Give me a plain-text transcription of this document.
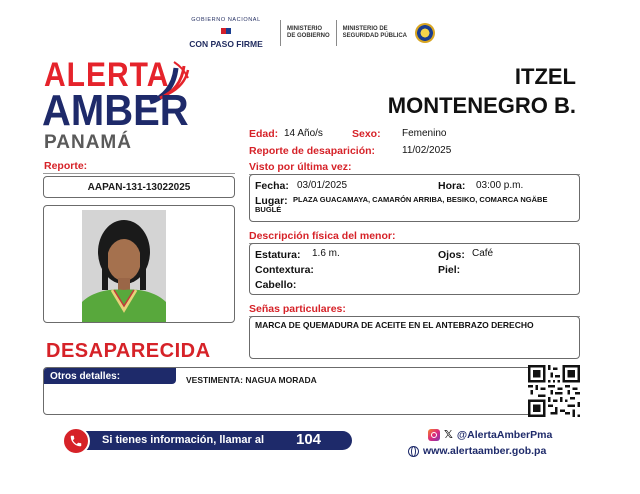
GOBIERNO NACIONAL
CON PASO FIRME
MINISTERIO
DE GOBIERNO
MINISTERIO DE
SEGURIDAD PÚBLICA
ALERTA
AMBER
PANAMÁ
ITZEL
MONTENEGRO B.
Edad: 14 Año/s	Sexo: Femenino
Reporte de desaparición:	11/02/2025
Reporte:
AAPAN-131-13022025
Visto por última vez:
Fecha: 03/01/2025	Hora: 03:00 p.m.
Lugar: PLAZA GUACAMAYA, CAMARÓN ARRIBA, BESIKO, COMARCA NGÄBE BUGLÉ
Descripción física del menor:
Estatura: 1.6 m.	Ojos: Café
Contextura:	Piel:
Cabello:
Señas particulares:
MARCA DE QUEMADURA DE ACEITE EN EL ANTEBRAZO DERECHO
DESAPARECIDA
Otros detalles:	VESTIMENTA: NAGUA MORADA
Si tienes información, llamar al 104	𝕏 @AlertaAmberPma
www.alertaamber.gob.pa
